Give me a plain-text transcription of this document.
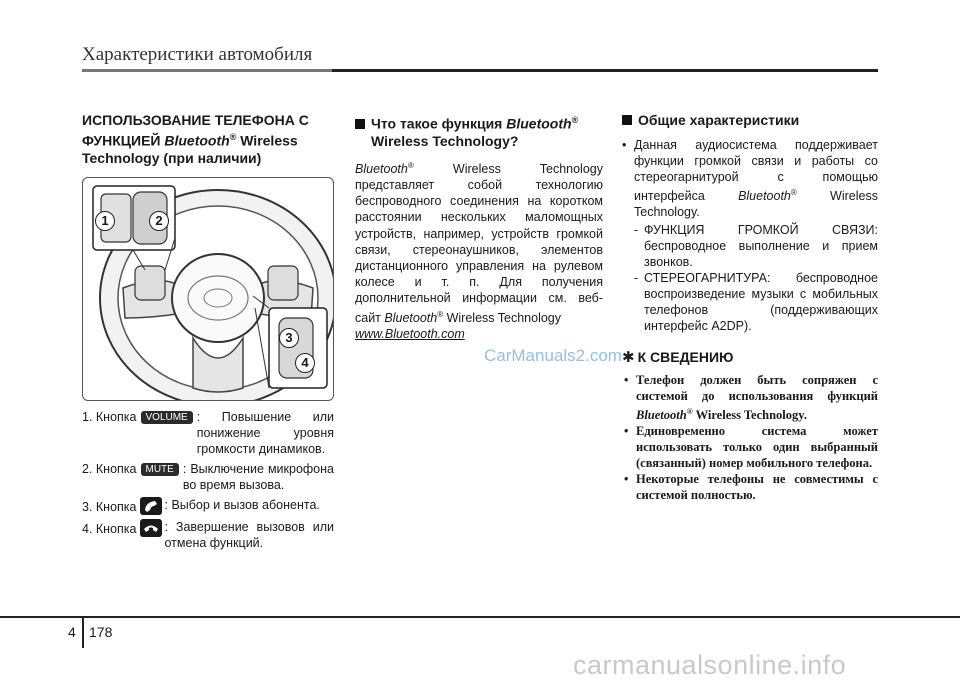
Характеристики автомобиля
ИСПОЛЬЗОВАНИЕ ТЕЛЕФОНА С
ФУНКЦИЕЙ Bluetooth® Wireless
Technology (при наличии)
1	2
3
4
1. Кнопка VOLUME : Повышение или понижение уровня громкости динамиков.
2. Кнопка MUTE : Выключение микрофона во время вызова.
3. Кнопка	: Выбор и вызов абонента.
4. Кнопка	: Завершение вызовов или отмена функций.
Что такое функция Bluetooth®
Wireless Technology?

Bluetooth® Wireless Technology представляет собой технологию беспроводного соединения на коротком расстоянии нескольких маломощных устройств, например, устройств громкой связи, стереонаушников, элементов дистанционного управления на рулевом колесе и т. п. Для получения дополнительной информации см. веб-сайт Bluetooth® Wireless Technology
www.Bluetooth.com

Общие характеристики
• Данная аудиосистема поддерживает функции громкой связи и работы со стереогарнитурой с помощью интерфейса Bluetooth® Wireless Technology.
- ФУНКЦИЯ ГРОМКОЙ СВЯЗИ: беспроводное выполнение и прием звонков.
- СТЕРЕОГАРНИТУРА: беспроводное воспроизведение музыки с мобильных телефонов (поддерживающих интерфейс A2DP).
✱ К СВЕДЕНИЮ
• Телефон должен быть сопряжен с системой до использования функций Bluetooth® Wireless Technology.
• Единовременно система может использовать только один выбранный (связанный) номер мобильного телефона.
• Некоторые телефоны не совместимы с системой полностью.
CarManuals2.com
4 178
carmanualsonline.info
